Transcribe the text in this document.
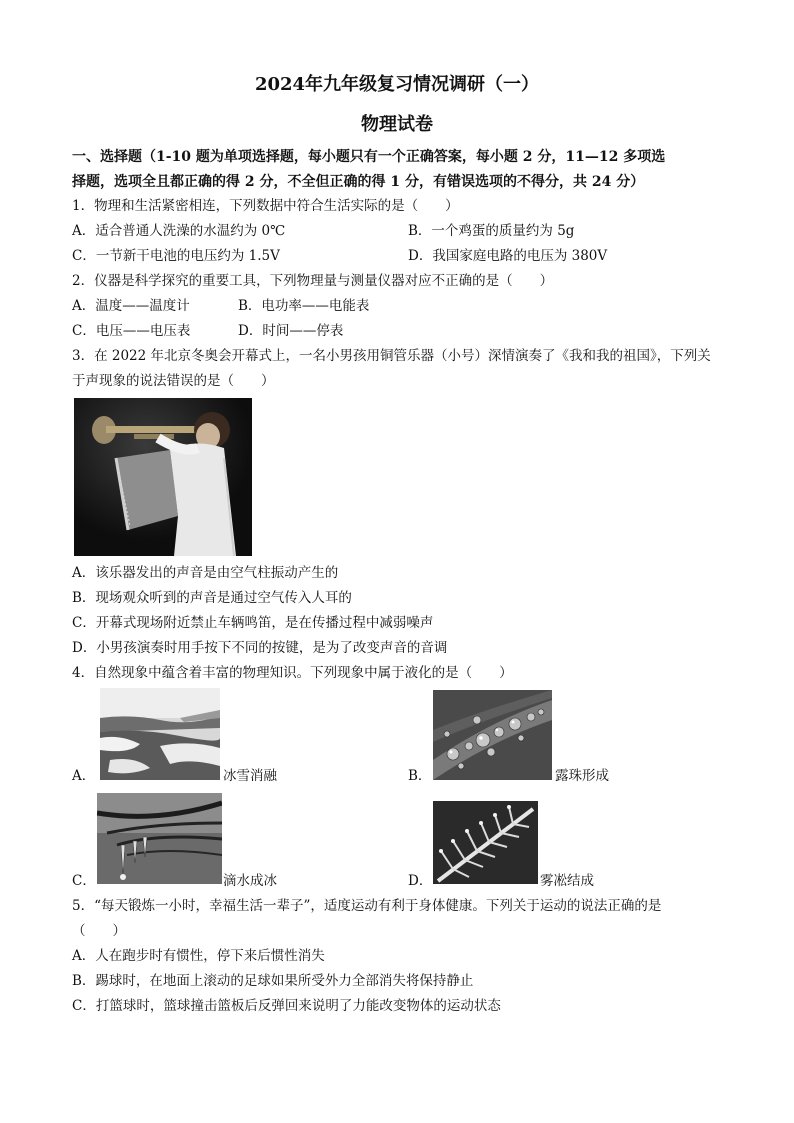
2024年九年级复习情况调研（一）
物理试卷
一、选择题（1-10 题为单项选择题，每小题只有一个正确答案，每小题 2 分，11—12 多项选
择题，选项全且都正确的得 2 分，不全但正确的得 1 分，有错误选项的不得分，共 24 分）
1．物理和生活紧密相连，下列数据中符合生活实际的是（　　）
A．适合普通人洗澡的水温约为 0℃	B．一个鸡蛋的质量约为 5g
C．一节新干电池的电压约为 1.5V	D．我国家庭电路的电压为 380V
2．仪器是科学探究的重要工具，下列物理量与测量仪器对应不正确的是（　　）
A．温度——温度计	B．电功率——电能表
C．电压——电压表	D．时间——停表
3．在 2022 年北京冬奥会开幕式上，一名小男孩用铜管乐器（小号）深情演奏了《我和我的祖国》，下列关
于声现象的说法错误的是（　　）
A．该乐器发出的声音是由空气柱振动产生的
B．现场观众听到的声音是通过空气传入人耳的
C．开幕式现场附近禁止车辆鸣笛，是在传播过程中减弱噪声
D．小男孩演奏时用手按下不同的按键，是为了改变声音的音调
4．自然现象中蕴含着丰富的物理知识。下列现象中属于液化的是（　　）
A．	冰雪消融	B．	露珠形成
C．	滴水成冰	D．	雾凇结成
5．“每天锻炼一小时，幸福生活一辈子”，适度运动有利于身体健康。下列关于运动的说法正确的是
（　　）
A．人在跑步时有惯性，停下来后惯性消失
B．踢球时，在地面上滚动的足球如果所受外力全部消失将保持静止
C．打篮球时，篮球撞击篮板后反弹回来说明了力能改变物体的运动状态
